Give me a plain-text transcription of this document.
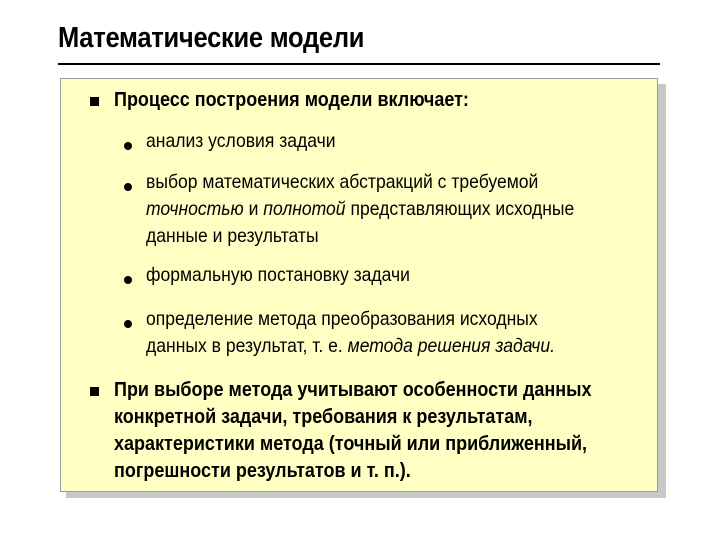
Математические модели
Процесс построения модели включает:
анализ условия задачи
выбор математических абстракций с требуемой
точностью и полнотой представляющих исходные
данные и результаты
формальную постановку задачи
определение метода преобразования исходных
данных в результат, т. е. метода решения задачи.
При выборе метода учитывают особенности данных
конкретной задачи, требования к результатам,
характеристики метода (точный или приближенный,
погрешности результатов и т. п.).
